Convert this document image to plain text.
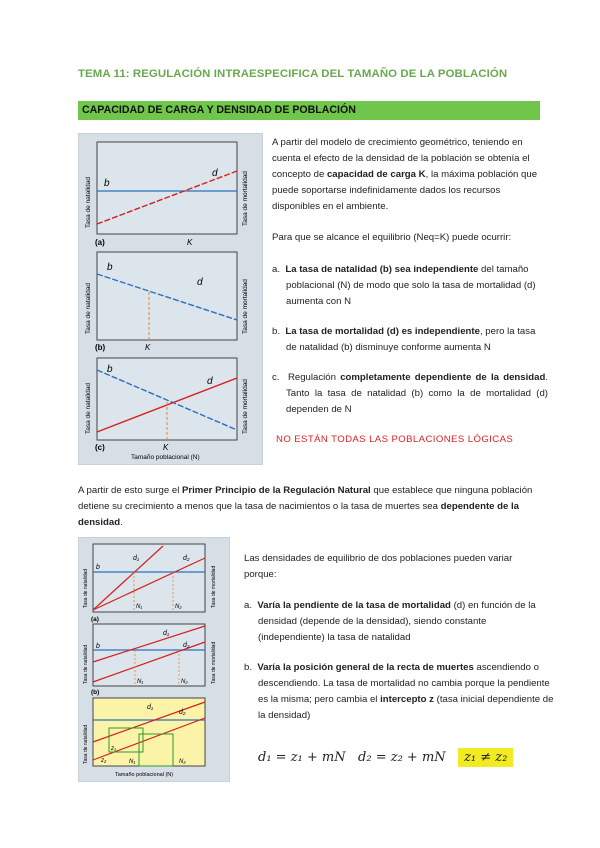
TEMA 11: REGULACIÓN INTRAESPECIFICA DEL TAMAÑO DE LA POBLACIÓN
CAPACIDAD DE CARGA Y DENSIDAD DE POBLACIÓN
b
d
(a)	K
Tasa de natalidad	Tasa de mortalidad
b
d
(b)	K
Tasa de natalidad	Tasa de mortalidad
b
d
(c)	K
Tasa de natalidad	Tasa de mortalidad
Tamaño poblacional (N)
A partir del modelo de crecimiento geométrico, teniendo en cuenta el efecto de la densidad de la población se obtenía el concepto de capacidad de carga K, la máxima población que puede soportarse indefinidamente dados los recursos disponibles en el ambiente.
Para que se alcance el equilibrio (Neq=K) puede ocurrir:
a. La tasa de natalidad (b) sea independiente del tamaño poblacional (N) de modo que solo la tasa de mortalidad (d) aumenta con N
b. La tasa de mortalidad (d) es independiente, pero la tasa de natalidad (b) disminuye conforme aumenta N
c. Regulación completamente dependiente de la densidad. Tanto la tasa de natalidad (b) como la de mortalidad (d) dependen de N
NO ESTÁN TODAS LAS POBLACIONES LÓGICAS
A partir de esto surge el Primer Principio de la Regulación Natural que establece que ninguna población detiene su crecimiento a menos que la tasa de nacimientos o la tasa de muertes sea dependente de la densidad.
b
d₁	d₂
N₁	N₂
(a)
Tasa de natalidad	Tasa de mortalidad
b
d₁
d₂
N₁	N₂
(b)
Tasa de natalidad	Tasa de mortalidad
d₁
d₂
z₁
z₂	N₁	N₂
Tasa de natalidad
Tamaño poblacional (N)
Las densidades de equilibrio de dos poblaciones pueden variar porque:
a. Varía la pendiente de la tasa de mortalidad (d) en función de la densidad (depende de la densidad), siendo constante (independiente) la tasa de natalidad
b. Varía la posición general de la recta de muertes ascendiendo o descendiendo. La tasa de mortalidad no cambia porque la pendiente es la misma; pero cambia el intercepto z (tasa inicial dependiente de la densidad)
d₁ = z₁ + mN d₂ = z₂ + mN z₁ ≠ z₂
